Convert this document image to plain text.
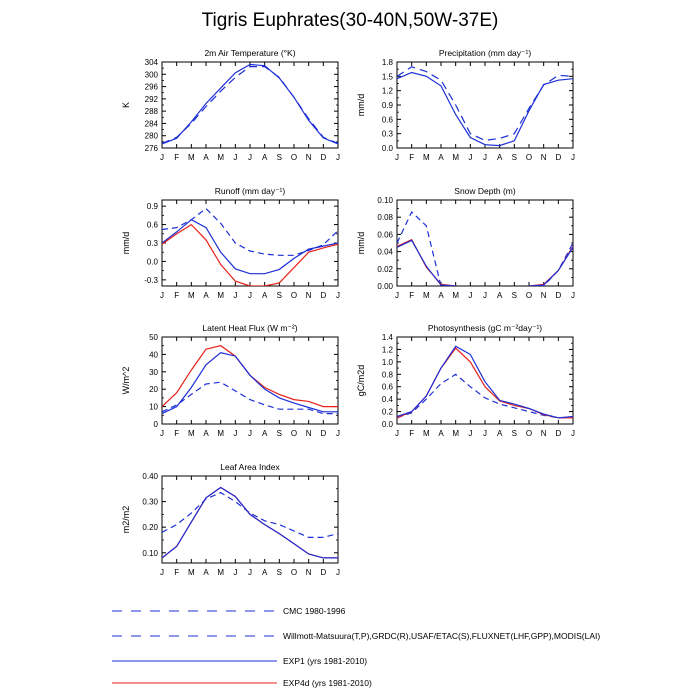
Tigris Euphrates(30-40N,50W-37E)
2m Air Temperature (°K)
K
276
280
284
288
292
296
300
304
J F M A M J J A S O N D J
Precipitation (mm day⁻¹)
mm/d
0.0
0.3
0.6
0.9
1.2
1.5
1.8
J F M A M J J A S O N D J
Runoff (mm day⁻¹)
mm/d
-0.3
0.0
0.3
0.6
0.9
J F M A M J J A S O N D J
Snow Depth (m)
mm/d
0.00
0.02
0.04
0.06
0.08
0.10
J F M A M J J A S O N D J
Latent Heat Flux (W m⁻²)
W/m^2
0
10
20
30
40
50
J F M A M J J A S O N D J
Photosynthesis (gC m⁻²day⁻¹)
gC/m2d
0.0
0.2
0.4
0.6
0.8
1.0
1.2
1.4
J F M A M J J A S O N D J
Leaf Area Index
m2/m2
0.10
0.20
0.30
0.40
J F M A M J J A S O N D J
CMC 1980-1996
Willmott-Matsuura(T,P),GRDC(R),USAF/ETAC(S),FLUXNET(LHF,GPP),MODIS(LAI)
EXP1 (yrs 1981-2010)
EXP4d (yrs 1981-2010)
